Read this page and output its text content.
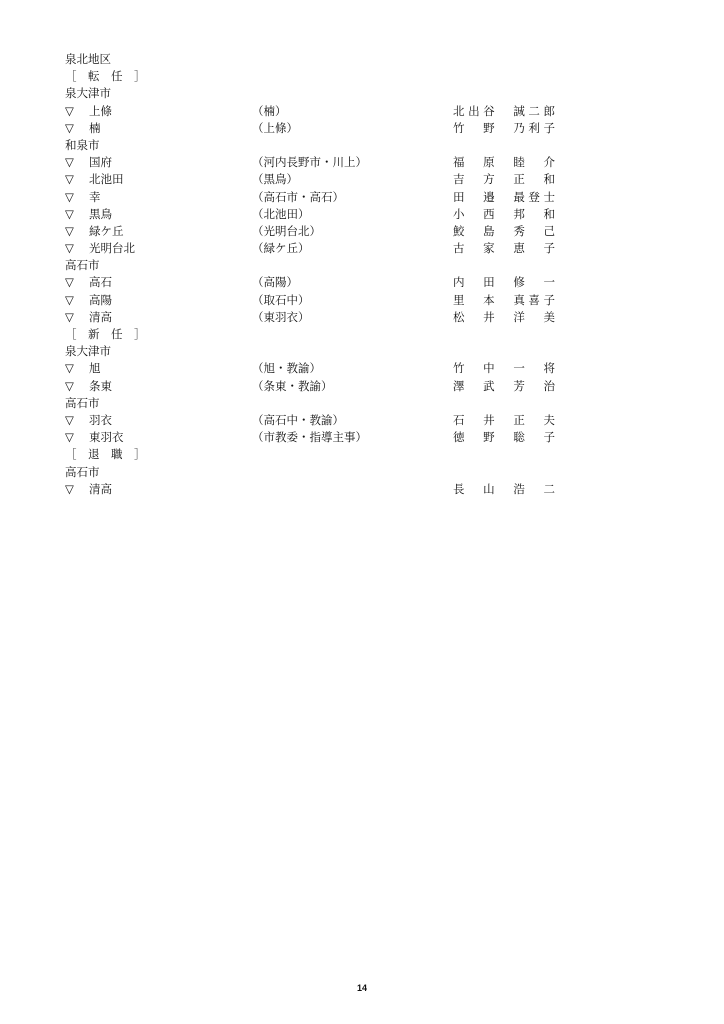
泉北地区
［　転　任　］
泉大津市
▽	上條	（楠）	北出谷　誠二郎
▽	楠	（上條）	竹　野　乃利子
和泉市
▽	国府	（河内長野市・川上）	福　原　睦　介
▽	北池田	（黒鳥）	吉　方　正　和
▽	幸	（高石市・高石）	田　邉　最登士
▽	黒鳥	（北池田）	小　西　邦　和
▽	緑ケ丘	（光明台北）	鮫　島　秀　己
▽	光明台北	（緑ケ丘）	古　家　恵　子
高石市
▽	高石	（高陽）	内　田　修　一
▽	高陽	（取石中）	里　本　真喜子
▽	清高	（東羽衣）	松　井　洋　美
［　新　任　］
泉大津市
▽	旭	（旭・教諭）	竹　中　一　将
▽	条東	（条東・教諭）	澤　武　芳　治
高石市
▽	羽衣	（高石中・教諭）	石　井　正　夫
▽	東羽衣	（市教委・指導主事）	徳　野　聡　子
［　退　職　］
高石市
▽	清高	長　山　浩　二
14
